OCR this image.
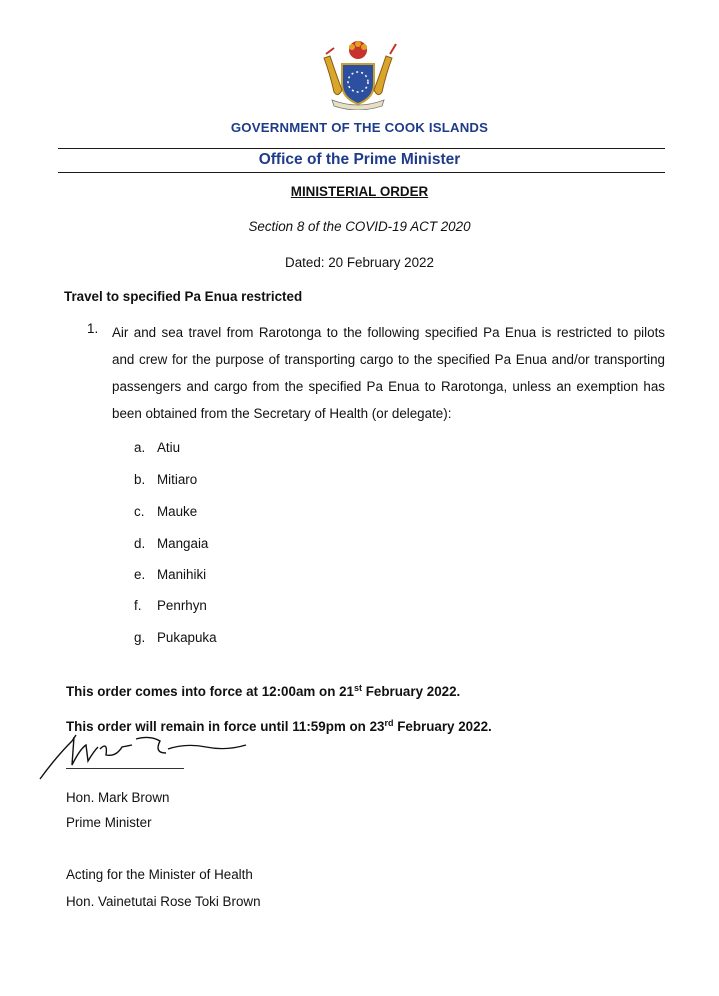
GOVERNMENT OF THE COOK ISLANDS
Office of the Prime Minister
MINISTERIAL ORDER
Section 8 of the COVID-19 ACT 2020
Dated: 20 February 2022
Travel to specified Pa Enua restricted
1. Air and sea travel from Rarotonga to the following specified Pa Enua is restricted to pilots and crew for the purpose of transporting cargo to the specified Pa Enua and/or transporting passengers and cargo from the specified Pa Enua to Rarotonga, unless an exemption has been obtained from the Secretary of Health (or delegate):
a. Atiu
b. Mitiaro
c. Mauke
d. Mangaia
e. Manihiki
f. Penrhyn
g. Pukapuka
This order comes into force at 12:00am on 21st February 2022.
This order will remain in force until 11:59pm on 23rd February 2022.
Hon. Mark Brown
Prime Minister
Acting for the Minister of Health
Hon. Vainetutai Rose Toki Brown
